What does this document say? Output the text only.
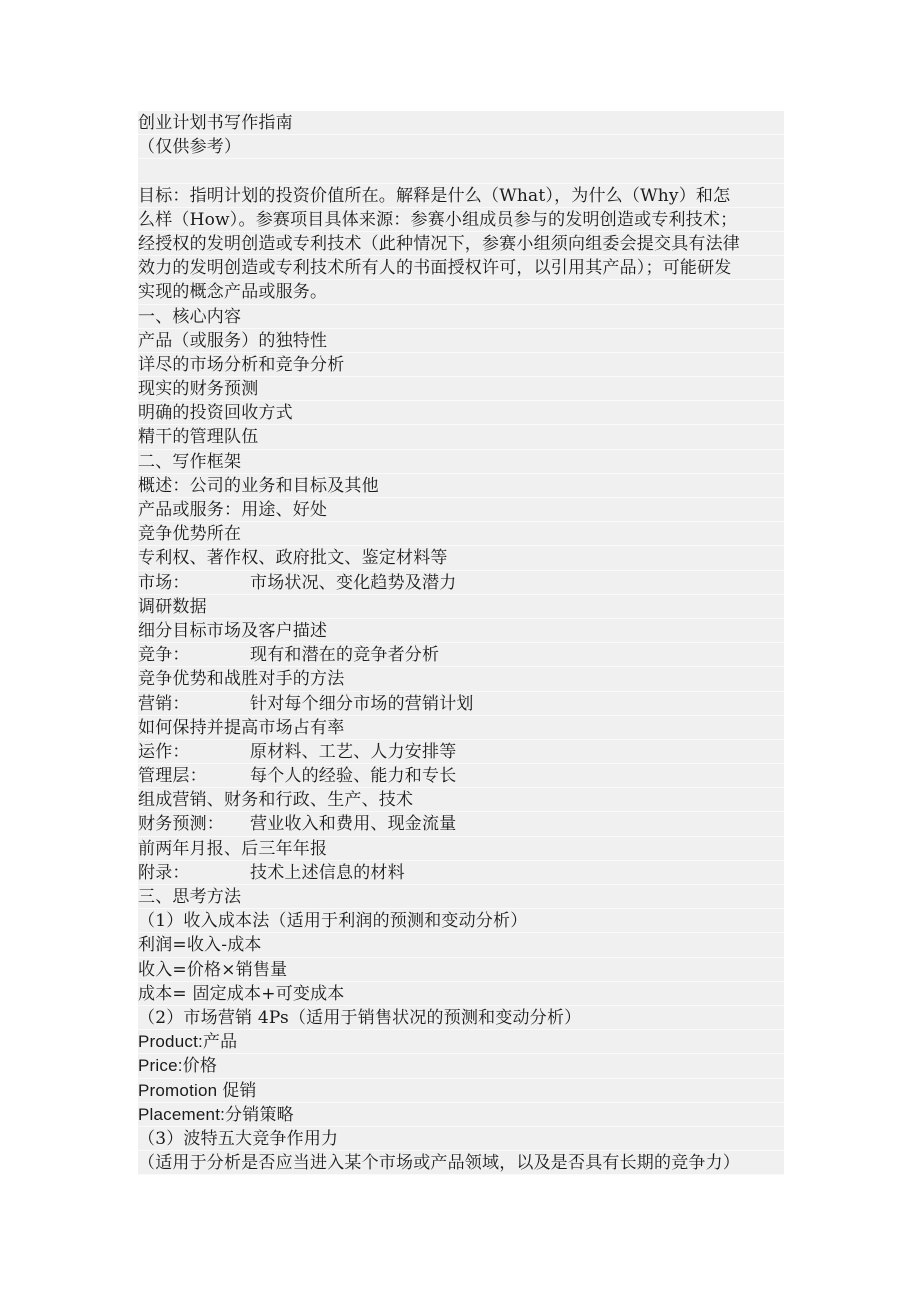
创业计划书写作指南
（仅供参考）
目标：指明计划的投资价值所在。解释是什么（What），为什么（Why）和怎
么样（How）。参赛项目具体来源：参赛小组成员参与的发明创造或专利技术；
经授权的发明创造或专利技术（此种情况下，参赛小组须向组委会提交具有法律
效力的发明创造或专利技术所有人的书面授权许可，以引用其产品）；可能研发
实现的概念产品或服务。
一、核心内容
产品（或服务）的独特性
详尽的市场分析和竞争分析
现实的财务预测
明确的投资回收方式
精干的管理队伍
二、写作框架
概述：公司的业务和目标及其他
产品或服务：用途、好处
竞争优势所在
专利权、著作权、政府批文、鉴定材料等
市场：	市场状况、变化趋势及潜力
调研数据
细分目标市场及客户描述
竞争：	现有和潜在的竞争者分析
竞争优势和战胜对手的方法
营销：	针对每个细分市场的营销计划
如何保持并提高市场占有率
运作：	原材料、工艺、人力安排等
管理层：	每个人的经验、能力和专长
组成营销、财务和行政、生产、技术
财务预测： 营业收入和费用、现金流量
前两年月报、后三年年报
附录：	技术上述信息的材料
三、思考方法
（1）收入成本法（适用于利润的预测和变动分析）
利润=收入-成本
收入=价格×销售量
成本= 固定成本+可变成本
（2）市场营销 4Ps（适用于销售状况的预测和变动分析）
Product:产品
Price:价格
Promotion 促销
Placement:分销策略
（3）波特五大竞争作用力
（适用于分析是否应当进入某个市场或产品领域，以及是否具有长期的竞争力）
